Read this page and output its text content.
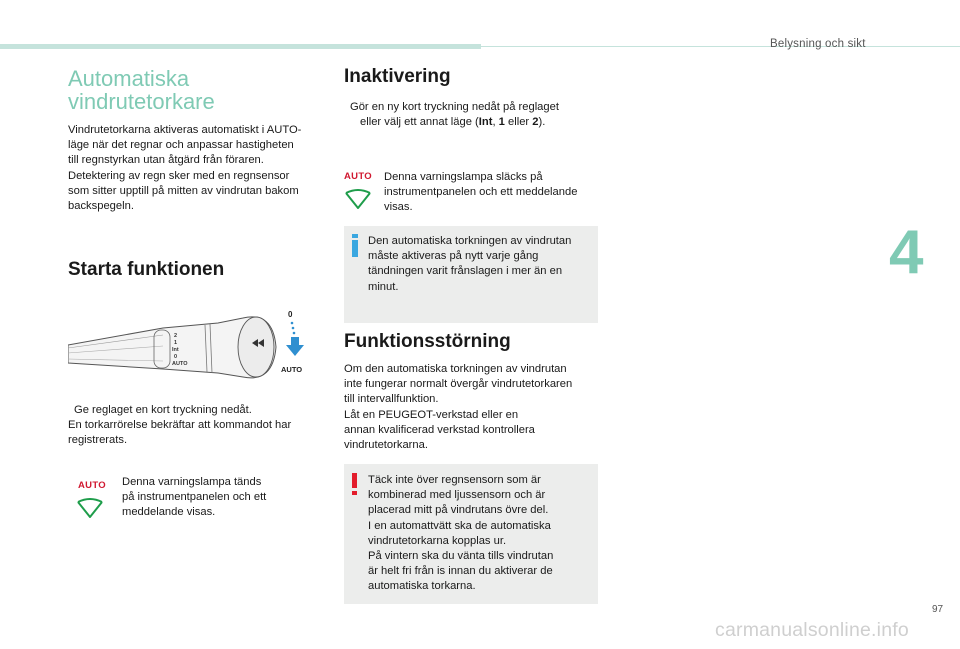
Belysning och sikt
4
97
carmanualsonline.info
Automatiska
vindrutetorkare
Vindrutetorkarna aktiveras automatiskt i AUTO-
läge när det regnar och anpassar hastigheten
till regnstyrkan utan åtgärd från föraren.
Detektering av regn sker med en regnsensor
som sitter upptill på mitten av vindrutan bakom
backspegeln.
Starta funktionen
2
1
Int
0
AUTO
0
AUTO
Ge reglaget en kort tryckning nedåt.
En torkarrörelse bekräftar att kommandot har
registrerats.
AUTO Denna varningslampa tänds
på instrumentpanelen och ett
meddelande visas.
Inaktivering
Gör en ny kort tryckning nedåt på reglaget
eller välj ett annat läge (Int, 1 eller 2).
AUTO Denna varningslampa släcks på
instrumentpanelen och ett meddelande
visas.
Den automatiska torkningen av vindrutan
måste aktiveras på nytt varje gång
tändningen varit frånslagen i mer än en
minut.
Funktionsstörning
Om den automatiska torkningen av vindrutan
inte fungerar normalt övergår vindrutetorkaren
till intervallfunktion.
Låt en PEUGEOT-verkstad eller en
annan kvalificerad verkstad kontrollera
vindrutetorkarna.
Täck inte över regnsensorn som är
kombinerad med ljussensorn och är
placerad mitt på vindrutans övre del.
I en automattvätt ska de automatiska
vindrutetorkarna kopplas ur.
På vintern ska du vänta tills vindrutan
är helt fri från is innan du aktiverar de
automatiska torkarna.
